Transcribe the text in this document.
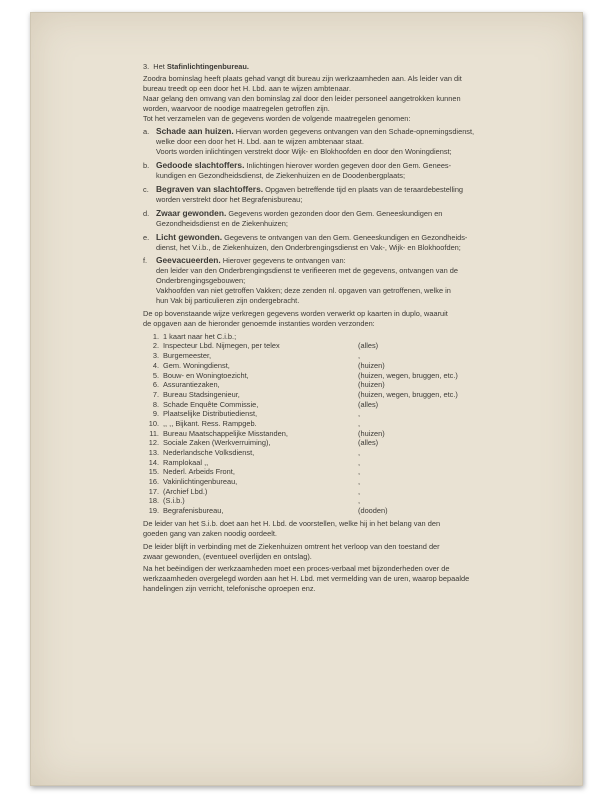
3. Het Stafinlichtingenbureau.
Zoodra bominslag heeft plaats gehad vangt dit bureau zijn werkzaamheden aan. Als leider van dit
bureau treedt op een door het H. Lbd. aan te wijzen ambtenaar.
Naar gelang den omvang van den bominslag zal door den leider personeel aangetrokken kunnen
worden, waarvoor de noodige maatregelen getroffen zijn.
Tot het verzamelen van de gegevens worden de volgende maatregelen genomen:
a. Schade aan huizen. Hiervan worden gegevens ontvangen van den Schade-opnemingsdienst,
welke door een door het H. Lbd. aan te wijzen ambtenaar staat.
Voorts worden inlichtingen verstrekt door Wijk- en Blokhoofden en door den Woningdienst;
b. Gedoode slachtoffers. Inlichtingen hierover worden gegeven door den Gem. Genees-
kundigen en Gezondheidsdienst, de Ziekenhuizen en de Doodenbergplaats;
c. Begraven van slachtoffers. Opgaven betreffende tijd en plaats van de teraardebestelling
worden verstrekt door het Begrafenisbureau;
d. Zwaar gewonden. Gegevens worden gezonden door den Gem. Geneeskundigen en
Gezondheidsdienst en de Ziekenhuizen;
e. Licht gewonden. Gegevens te ontvangen van den Gem. Geneeskundigen en Gezondheids-
dienst, het V.i.b., de Ziekenhuizen, den Onderbrengingsdienst en Vak-, Wijk- en Blokhoofden;
f.	Geevacueerden. Hierover gegevens te ontvangen van:
den leider van den Onderbrengingsdienst te verifieeren met de gegevens, ontvangen van de
Onderbrengingsgebouwen;
Vakhoofden van niet getroffen Vakken; deze zenden nl. opgaven van getroffenen, welke in
hun Vak bij particulieren zijn ondergebracht.
De op bovenstaande wijze verkregen gegevens worden verwerkt op kaarten in duplo, waaruit
de opgaven aan de hieronder genoemde instanties worden verzonden:
1. 1 kaart naar het C.i.b.;
2. Inspecteur Lbd. Nijmegen, per telex	(alles)
3. Burgemeester,	,
4. Gem. Woningdienst,	(huizen)
5. Bouw- en Woningtoezicht,	(huizen, wegen, bruggen, etc.)
6. Assurantiezaken,	(huizen)
7. Bureau Stadsingenieur,	(huizen, wegen, bruggen, etc.)
8. Schade Enquête Commissie,	(alles)
9. Plaatselijke Distributiedienst,	,
10. ,, ,, Bijkant. Ress. Rampgeb.	,
11. Bureau Maatschappelijke Misstanden,	(huizen)
12. Sociale Zaken (Werkverruiming),	(alles)
13. Nederlandsche Volksdienst,	,
14. Ramplokaal ,,	,
15. Nederl. Arbeids Front,	,
16. Vakinlichtingenbureau,	,
17. (Archief Lbd.)	,
18. (S.i.b.)	,
19. Begrafenisbureau,	(dooden)
De leider van het S.i.b. doet aan het H. Lbd. de voorstellen, welke hij in het belang van den
goeden gang van zaken noodig oordeelt.
De leider blijft in verbinding met de Ziekenhuizen omtrent het verloop van den toestand der
zwaar gewonden, (eventueel overlijden en ontslag).
Na het beëindigen der werkzaamheden moet een proces-verbaal met bijzonderheden over de
werkzaamheden overgelegd worden aan het H. Lbd. met vermelding van de uren, waarop bepaalde
handelingen zijn verricht, telefonische oproepen enz.
